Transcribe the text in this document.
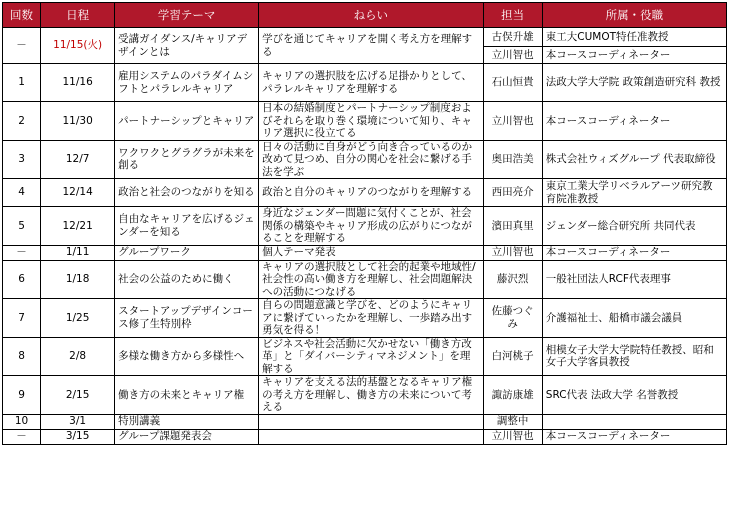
回数	日程	学習テーマ	ねらい	担当	所属・役職
－	11/15(火)	受講ガイダンス/キャリアデザインとは	学びを通じてキャリアを開く考え方を理解する	古俣升雄	東工大CUMOT特任准教授
				立川智也	本コースコーディネーター
1	11/16	雇用システムのパラダイムシフトとパラレルキャリア	キャリアの選択肢を広げる足掛かりとして、パラレルキャリアを理解する	石山恒貴	法政大学大学院 政策創造研究科 教授
2	11/30	パートナーシップとキャリア	日本の結婚制度とパートナーシップ制度およびそれらを取り巻く環境について知り、キャリア選択に役立てる	立川智也	本コースコーディネーター
3	12/7	ワクワクとグラグラが未来を創る	日々の活動に自身がどう向き合っているのか改めて見つめ、自分の関心を社会に繋げる手法を学ぶ	奥田浩美	株式会社ウィズグループ 代表取締役
4	12/14	政治と社会のつながりを知る	政治と自分のキャリアのつながりを理解する	西田亮介	東京工業大学リベラルアーツ研究教育院准教授
5	12/21	自由なキャリアを広げるジェンダーを知る	身近なジェンダー問題に気付くことが、社会関係の構築やキャリア形成の広がりにつながることを理解する	濱田真里	ジェンダー総合研究所 共同代表
－	1/11	グループワーク	個人テーマ発表	立川智也	本コースコーディネーター
6	1/18	社会の公益のために働く	キャリアの選択肢として社会的起業や地域性/社会性の高い働き方を理解し、社会問題解決への活動につなげる	藤沢烈	一般社団法人RCF代表理事
7	1/25	スタートアップデザインコース修了生特別枠	自らの問題意識と学びを、どのようにキャリアに繋げていったかを理解し、一歩踏み出す勇気を得る！	佐藤つぐみ	介護福祉士、船橋市議会議員
8	2/8	多様な働き方から多様性へ	ビジネスや社会活動に欠かせない「働き方改革」と「ダイバーシティマネジメント」を理解する	白河桃子	相模女子大学大学院特任教授、昭和女子大学客員教授
9	2/15	働き方の未来とキャリア権	キャリアを支える法的基盤となるキャリア権の考え方を理解し、働き方の未来について考える	諏訪康雄	SRC代表 法政大学 名誉教授
10	3/1	特別講義		調整中	
－	3/15	グループ課題発表会		立川智也	本コースコーディネーター
